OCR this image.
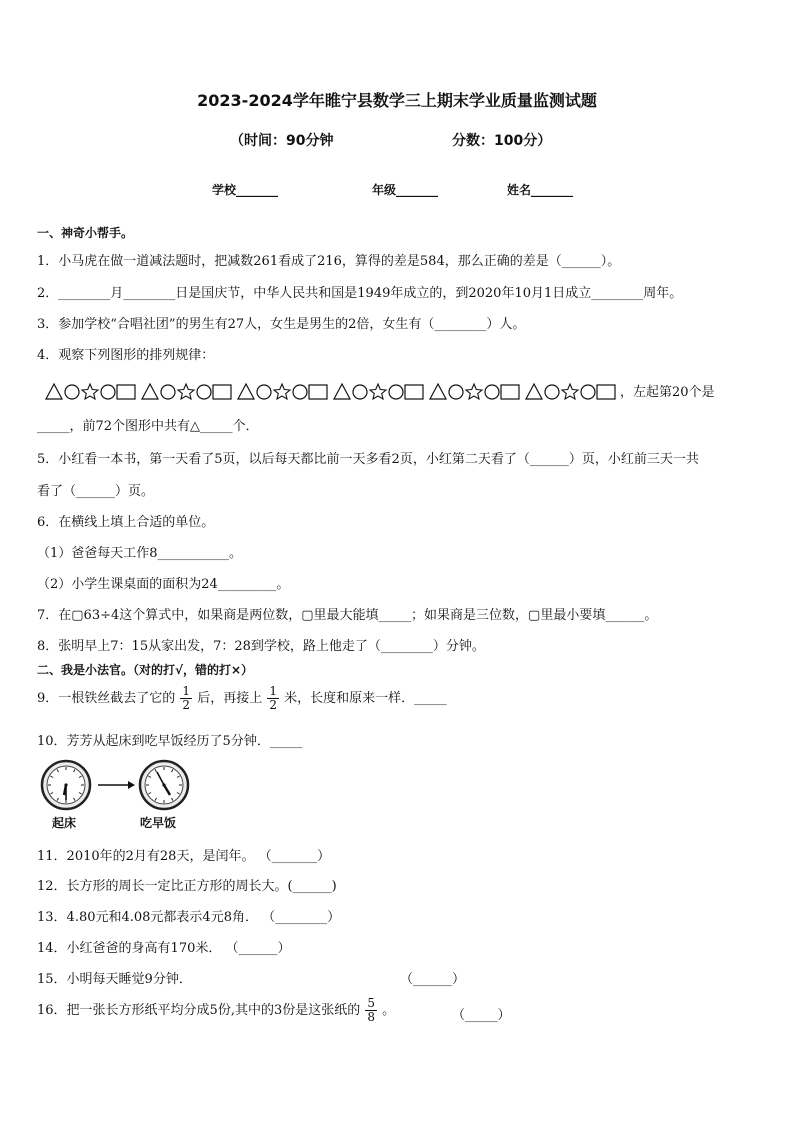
2023-2024学年睢宁县数学三上期末学业质量监测试题
（时间：90分钟	分数：100分）
学校_______	年级_______	姓名_______
一、神奇小帮手。
1．小马虎在做一道减法题时，把减数261看成了216，算得的差是584，那么正确的差是（______）。
2．________月________日是国庆节，中华人民共和国是1949年成立的，到2020年10月1日成立________周年。
3．参加学校“合唱社团”的男生有27人，女生是男生的2倍，女生有（________）人。
4．观察下列图形的排列规律：
，左起第20个是
_____，前72个图形中共有△_____个．
5．小红看一本书，第一天看了5页，以后每天都比前一天多看2页，小红第二天看了（______）页，小红前三天一共
看了（______）页。
6．在横线上填上合适的单位。
（1）爸爸每天工作8___________。
（2）小学生课桌面的面积为24_________。
7．在▢63÷4这个算式中，如果商是两位数，▢里最大能填_____；如果商是三位数，▢里最小要填______。
8．张明早上7：15从家出发，7：28到学校，路上他走了（________）分钟。
二、我是小法官。（对的打√，错的打×）
9．一根铁丝截去了它的 $\frac{1}{2}$ 后，再接上 $\frac{1}{2}$ 米，长度和原来一样．_____
10．芳芳从起床到吃早饭经历了5分钟．_____
起床	吃早饭
11．2010年的2月有28天，是闰年。 （_______）
12．长方形的周长一定比正方形的周长大。(______)
13．4.80元和4.08元都表示4元8角． （________）
14．小红爸爸的身高有170米． （______）
15．小明每天睡觉9分钟．	（______）
16．把一张长方形纸平均分成5份,其中的3份是这张纸的 $\frac{5}{8}$ 。	（_____）
